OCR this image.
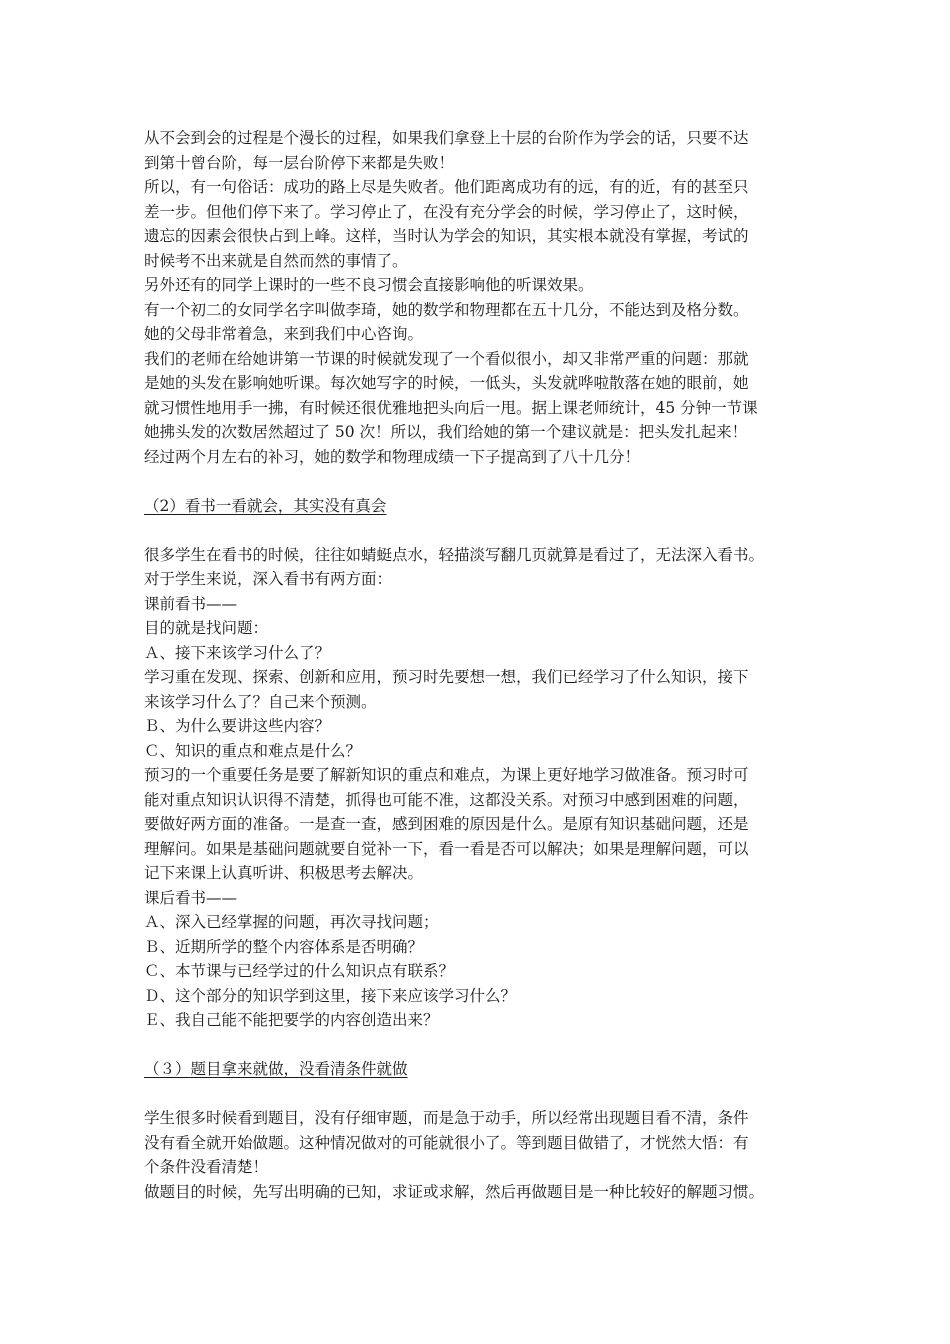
从不会到会的过程是个漫长的过程，如果我们拿登上十层的台阶作为学会的话，只要不达
到第十曾台阶，每一层台阶停下来都是失败！
所以，有一句俗话：成功的路上尽是失败者。他们距离成功有的远，有的近，有的甚至只
差一步。但他们停下来了。学习停止了，在没有充分学会的时候，学习停止了，这时候，
遗忘的因素会很快占到上峰。这样，当时认为学会的知识，其实根本就没有掌握，考试的
时候考不出来就是自然而然的事情了。
另外还有的同学上课时的一些不良习惯会直接影响他的听课效果。
有一个初二的女同学名字叫做李琦，她的数学和物理都在五十几分，不能达到及格分数。
她的父母非常着急，来到我们中心咨询。
我们的老师在给她讲第一节课的时候就发现了一个看似很小，却又非常严重的问题：那就
是她的头发在影响她听课。每次她写字的时候，一低头，头发就哗啦散落在她的眼前，她
就习惯性地用手一拂，有时候还很优雅地把头向后一甩。据上课老师统计，45 分钟一节课
她拂头发的次数居然超过了 50 次！所以，我们给她的第一个建议就是：把头发扎起来！
经过两个月左右的补习，她的数学和物理成绩一下子提高到了八十几分！
（2）看书一看就会，其实没有真会
很多学生在看书的时候，往往如蜻蜓点水，轻描淡写翻几页就算是看过了，无法深入看书。
对于学生来说，深入看书有两方面：
课前看书——
目的就是找问题：
Ａ、接下来该学习什么了？
学习重在发现、探索、创新和应用，预习时先要想一想，我们已经学习了什么知识，接下
来该学习什么了？自己来个预测。
Ｂ、为什么要讲这些内容？
Ｃ、知识的重点和难点是什么？
预习的一个重要任务是要了解新知识的重点和难点，为课上更好地学习做准备。预习时可
能对重点知识认识得不清楚，抓得也可能不准，这都没关系。对预习中感到困难的问题，
要做好两方面的准备。一是查一查，感到困难的原因是什么。是原有知识基础问题，还是
理解问。如果是基础问题就要自觉补一下，看一看是否可以解决；如果是理解问题，可以
记下来课上认真听讲、积极思考去解决。
课后看书——
Ａ、深入已经掌握的问题，再次寻找问题；
Ｂ、近期所学的整个内容体系是否明确？
Ｃ、本节课与已经学过的什么知识点有联系？
Ｄ、这个部分的知识学到这里，接下来应该学习什么？
Ｅ、我自己能不能把要学的内容创造出来？
（３）题目拿来就做，没看清条件就做
学生很多时候看到题目，没有仔细审题，而是急于动手，所以经常出现题目看不清，条件
没有看全就开始做题。这种情况做对的可能就很小了。等到题目做错了，才恍然大悟：有
个条件没看清楚！
做题目的时候，先写出明确的已知，求证或求解，然后再做题目是一种比较好的解题习惯。
